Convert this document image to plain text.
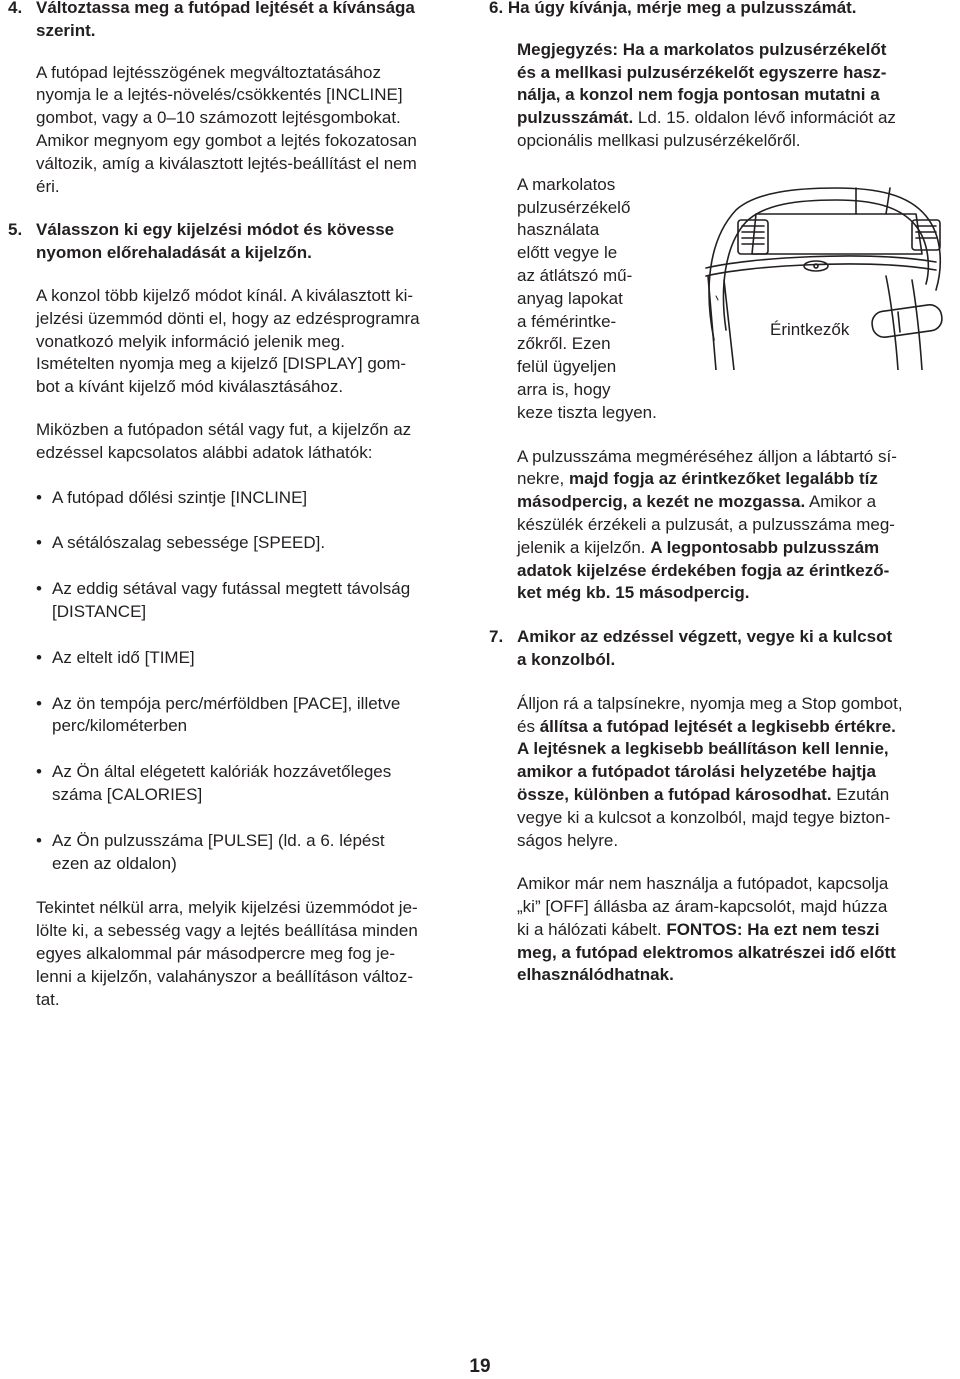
4. Változtassa meg a futópad lejtését a kívánsága

szerint.

A futópad lejtésszögének megváltoztatásához

nyomja le a lejtés-növelés/csökkentés [INCLINE]

gombot, vagy a 0–10 számozott lejtésgombokat.

Amikor megnyom egy gombot a lejtés fokozatosan

változik, amíg a kiválasztott lejtés-beállítást el nem

éri.

5. Válasszon ki egy kijelzési módot és kövesse

nyomon előrehaladását a kijelzőn.

A konzol több kijelző módot kínál. A kiválasztott ki-

jelzési üzemmód dönti el, hogy az edzésprogramra

vonatkozó melyik információ jelenik meg.

Ismételten nyomja meg a kijelző [DISPLAY] gom-

bot a kívánt kijelző mód kiválasztásához.

Miközben a futópadon sétál vagy fut, a kijelzőn az

edzéssel kapcsolatos alábbi adatok láthatók:

• A futópad dőlési szintje [INCLINE]

• A sétálószalag sebessége [SPEED].

• Az eddig sétával vagy futással megtett távolság

[DISTANCE]

• Az eltelt idő [TIME]

• Az ön tempója perc/mérföldben [PACE], illetve

perc/kilométerben

• Az Ön által elégetett kalóriák hozzávetőleges

száma [CALORIES]

• Az Ön pulzusszáma [PULSE] (ld. a 6. lépést

ezen az oldalon)

Tekintet nélkül arra, melyik kijelzési üzemmódot je-

lölte ki, a sebesség vagy a lejtés beállítása minden

egyes alkalommal pár másodpercre meg fog je-

lenni a kijelzőn, valahányszor a beállításon változ-

tat.

6. Ha úgy kívánja, mérje meg a pulzusszámát.

Megjegyzés: Ha a markolatos pulzusérzékelőt

és a mellkasi pulzusérzékelőt egyszerre hasz-

nálja, a konzol nem fogja pontosan mutatni a

pulzusszámát. Ld. 15. oldalon lévő információt az

opcionális mellkasi pulzusérzékelőről.

A markolatos

pulzusérzékelő

használata

előtt vegye le

az átlátszó mű-

anyag lapokat

a fémérintke-

zőkről. Ezen

felül ügyeljen

arra is, hogy

keze tiszta legyen.

A pulzusszáma megméréséhez álljon a lábtartó sí-

nekre, majd fogja az érintkezőket legalább tíz

másodpercig, a kezét ne mozgassa. Amikor a

készülék érzékeli a pulzusát, a pulzusszáma meg-

jelenik a kijelzőn. A legpontosabb pulzusszám

adatok kijelzése érdekében fogja az érintkező-

ket még kb. 15 másodpercig.

7. Amikor az edzéssel végzett, vegye ki a kulcsot

a konzolból.

Álljon rá a talpsínekre, nyomja meg a Stop gombot,

és állítsa a futópad lejtését a legkisebb értékre.

A lejtésnek a legkisebb beállításon kell lennie,

amikor a futópadot tárolási helyzetébe hajtja

össze, különben a futópad károsodhat. Ezután

vegye ki a kulcsot a konzolból, majd tegye bizton-

ságos helyre.

Amikor már nem használja a futópadot, kapcsolja

„ki” [OFF] állásba az áram-kapcsolót, majd húzza

ki a hálózati kábelt. FONTOS: Ha ezt nem teszi

meg, a futópad elektromos alkatrészei idő előtt

elhasználódhatnak.

Érintkezők
19
